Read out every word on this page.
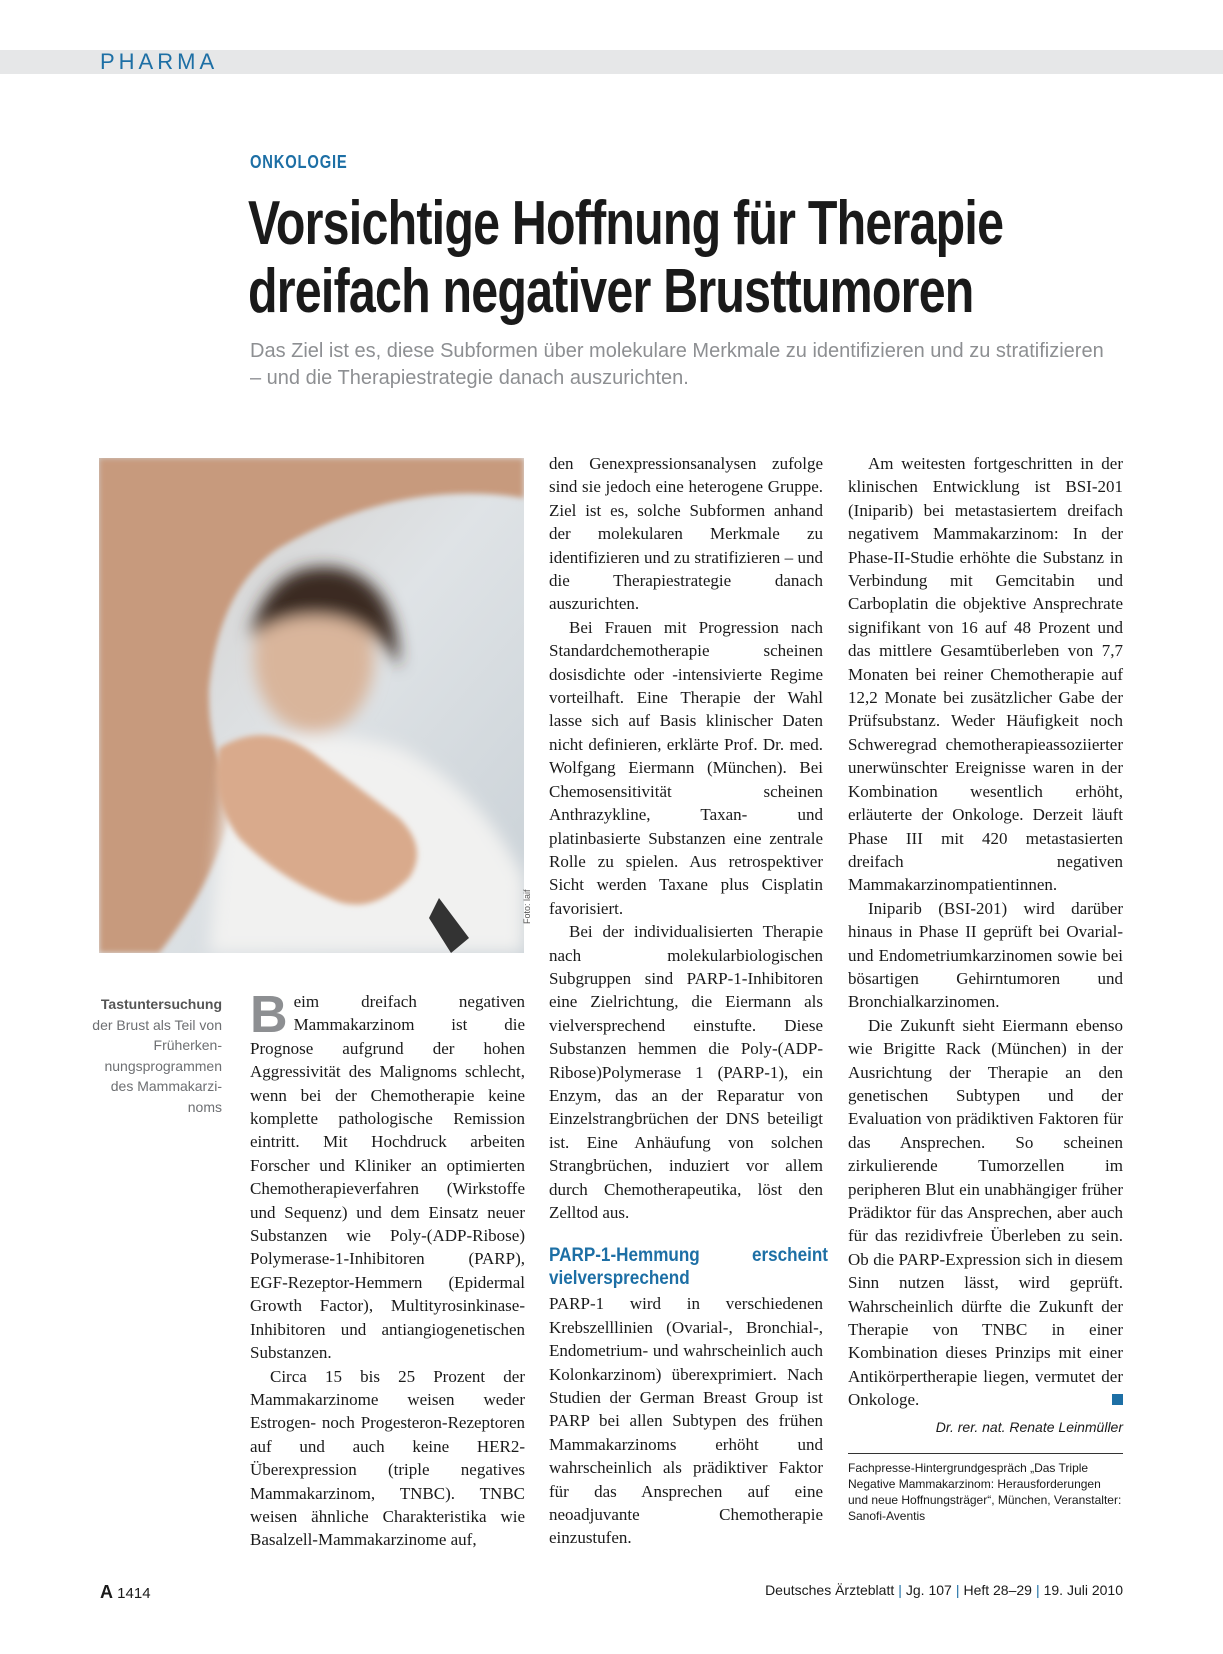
PHARMA
ONKOLOGIE
Vorsichtige Hoffnung für Therapie
dreifach negativer Brusttumoren
Das Ziel ist es, diese Subformen über molekulare Merkmale zu identifizieren und zu stratifizieren – und die Therapiestrategie danach auszurichten.
Foto: laif
Tastuntersuchung der Brust als Teil von Früherken-nungsprogrammen des Mammakarzi-noms

Beim dreifach negativen Mammakarzinom ist die Prognose aufgrund der hohen Aggressivität des Malignoms schlecht, wenn bei der Chemotherapie keine komplette pathologische Remission eintritt. Mit Hochdruck arbeiten Forscher und Kliniker an optimierten Chemotherapieverfahren (Wirkstoffe und Sequenz) und dem Einsatz neuer Substanzen wie Poly-(ADP-Ribose) Polymerase-1-Inhibitoren (PARP), EGF-Rezeptor-Hemmern (Epidermal Growth Factor), Multityrosinkinase-Inhibitoren und antiangiogenetischen Substanzen.

Circa 15 bis 25 Prozent der Mammakarzinome weisen weder Estrogen- noch Progesteron-Rezeptoren auf und auch keine HER2-Überexpression (triple negatives Mammakarzinom, TNBC). TNBC weisen ähnliche Charakteristika wie Basalzell-Mammakarzinome auf,

den Genexpressionsanalysen zufolge sind sie jedoch eine heterogene Gruppe. Ziel ist es, solche Subformen anhand der molekularen Merkmale zu identifizieren und zu stratifizieren – und die Therapiestrategie danach auszurichten.

Bei Frauen mit Progression nach Standardchemotherapie scheinen dosisdichte oder -intensivierte Regime vorteilhaft. Eine Therapie der Wahl lasse sich auf Basis klinischer Daten nicht definieren, erklärte Prof. Dr. med. Wolfgang Eiermann (München). Bei Chemosensitivität scheinen Anthrazykline, Taxan- und platinbasierte Substanzen eine zentrale Rolle zu spielen. Aus retrospektiver Sicht werden Taxane plus Cisplatin favorisiert.

Bei der individualisierten Therapie nach molekularbiologischen Subgruppen sind PARP-1-Inhibitoren eine Zielrichtung, die Eiermann als vielversprechend einstufte. Diese Substanzen hemmen die Poly-(ADP-Ribose)Polymerase 1 (PARP-1), ein Enzym, das an der Reparatur von Einzelstrangbrüchen der DNS beteiligt ist. Eine Anhäufung von solchen Strangbrüchen, induziert vor allem durch Chemotherapeutika, löst den Zelltod aus.

PARP-1-Hemmung erscheint vielversprechend

PARP-1 wird in verschiedenen Krebszelllinien (Ovarial-, Bronchial-, Endometrium- und wahrscheinlich auch Kolonkarzinom) überexprimiert. Nach Studien der German Breast Group ist PARP bei allen Subtypen des frühen Mammakarzinoms erhöht und wahrscheinlich als prädiktiver Faktor für das Ansprechen auf eine neoadjuvante Chemotherapie einzustufen.

Am weitesten fortgeschritten in der klinischen Entwicklung ist BSI-201 (Iniparib) bei metastasiertem dreifach negativem Mammakarzinom: In der Phase-II-Studie erhöhte die Substanz in Verbindung mit Gemcitabin und Carboplatin die objektive Ansprechrate signifikant von 16 auf 48 Prozent und das mittlere Gesamtüberleben von 7,7 Monaten bei reiner Chemotherapie auf 12,2 Monate bei zusätzlicher Gabe der Prüfsubstanz. Weder Häufigkeit noch Schweregrad chemotherapieassoziierter unerwünschter Ereignisse waren in der Kombination wesentlich erhöht, erläuterte der Onkologe. Derzeit läuft Phase III mit 420 metastasierten dreifach negativen Mammakarzinompatientinnen.

Iniparib (BSI-201) wird darüber hinaus in Phase II geprüft bei Ovarial- und Endometriumkarzinomen sowie bei bösartigen Gehirntumoren und Bronchialkarzinomen.

Die Zukunft sieht Eiermann ebenso wie Brigitte Rack (München) in der Ausrichtung der Therapie an den genetischen Subtypen und der Evaluation von prädiktiven Faktoren für das Ansprechen. So scheinen zirkulierende Tumorzellen im peripheren Blut ein unabhängiger früher Prädiktor für das Ansprechen, aber auch für das rezidivfreie Überleben zu sein. Ob die PARP-Expression sich in diesem Sinn nutzen lässt, wird geprüft. Wahrscheinlich dürfte die Zukunft der Therapie von TNBC in einer Kombination dieses Prinzips mit einer Antikörpertherapie liegen, vermutet der Onkologe.

Dr. rer. nat. Renate Leinmüller
Fachpresse-Hintergrundgespräch „Das Triple Negative Mammakarzinom: Herausforderungen und neue Hoffnungsträger“, München, Veranstalter: Sanofi-Aventis
A 1414	Deutsches Ärzteblatt | Jg. 107 | Heft 28–29 | 19. Juli 2010
